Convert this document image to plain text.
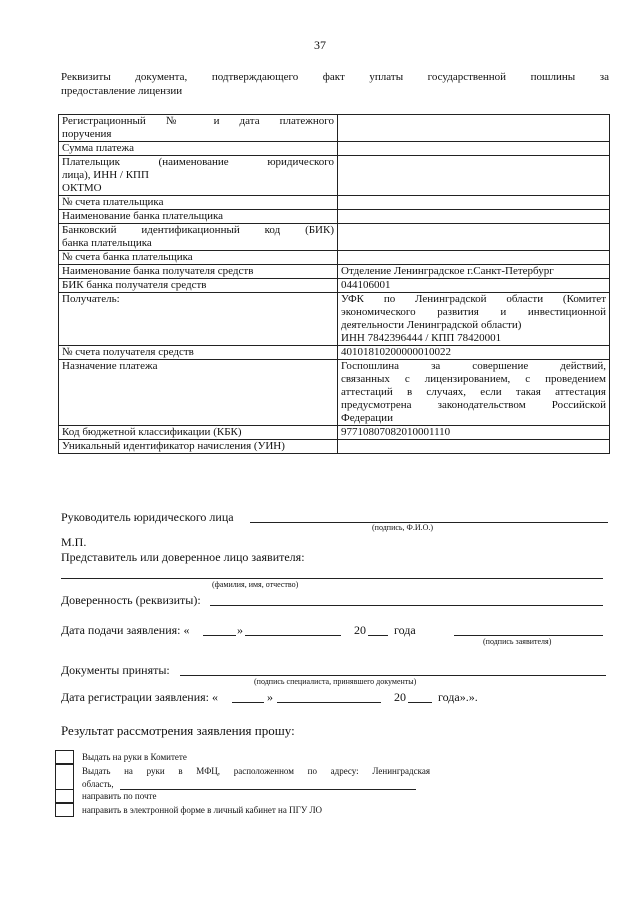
37
Реквизиты документа, подтверждающего факт уплаты государственной пошлины за
предоставление лицензии
Регистрационный № и дата платежного
поручения	

Сумма платежа	

Плательщик (наименование юридического
лица), ИНН / КПП
ОКТМО	

№ счета плательщика	
Наименование банка плательщика	

Банковский идентификационный код (БИК)
банка плательщика	

№ счета банка плательщика	
Наименование банка получателя средств	Отделение Ленинградское г.Санкт-Петербург
БИК банка получателя средств	044106001
Получатель:	УФК по Ленинградской области (Комитет
экономического развития и инвестиционной
деятельности Ленинградской области)
ИНН 7842396444 / КПП 78420001

№ счета получателя средств	40101810200000010022
Назначение платежа	Госпошлина за совершение действий,
связанных с лицензированием, с проведением
аттестаций в случаях, если такая аттестация
предусмотрена законодательством Российской
Федерации

Код бюджетной классификации (КБК)	97710807082010001110
Уникальный идентификатор начисления (УИН)	
Руководитель юридического лица
(подпись, Ф.И.О.)
М.П.
Представитель или доверенное лицо заявителя:
(фамилия, имя, отчество)
Доверенность (реквизиты):
Дата подачи заявления: «	»	20 года
(подпись заявителя)
Документы приняты:
(подпись специалиста, принявшего документы)
Дата регистрации заявления: «	»	20	года».».
Результат рассмотрения заявления прошу:
Выдать на руки в Комитете
Выдать на руки в МФЦ, расположенном по адресу: Ленинградская
область,
направить по почте
направить в электронной форме в личный кабинет на ПГУ ЛО
